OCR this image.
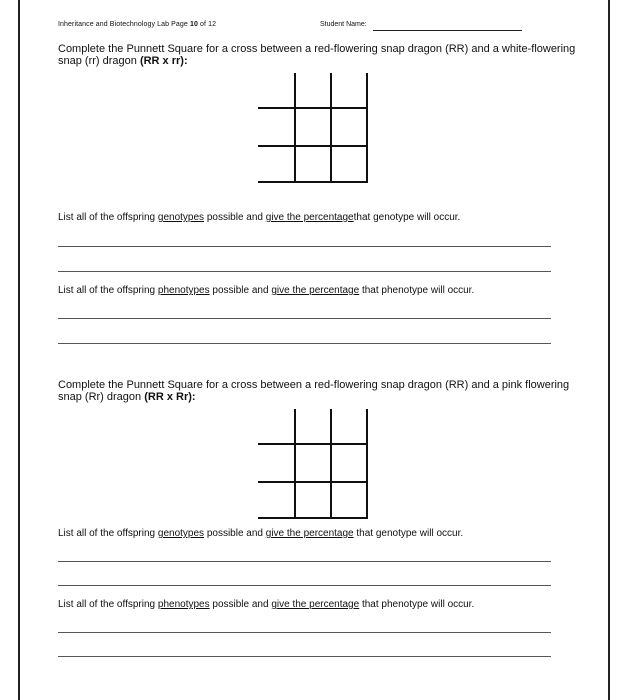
Inheritance and Biotechnology Lab Page 10 of 12	Student Name:
Complete the Punnett Square for a cross between a red-flowering snap dragon (RR) and a white-flowering snap (rr) dragon (RR x rr):
List all of the offspring genotypes possible and give the percentagethat genotype will occur.
List all of the offspring phenotypes possible and give the percentage that phenotype will occur.
Complete the Punnett Square for a cross between a red-flowering snap dragon (RR) and a pink flowering snap (Rr) dragon (RR x Rr):
List all of the offspring genotypes possible and give the percentage that genotype will occur.
List all of the offspring phenotypes possible and give the percentage that phenotype will occur.
